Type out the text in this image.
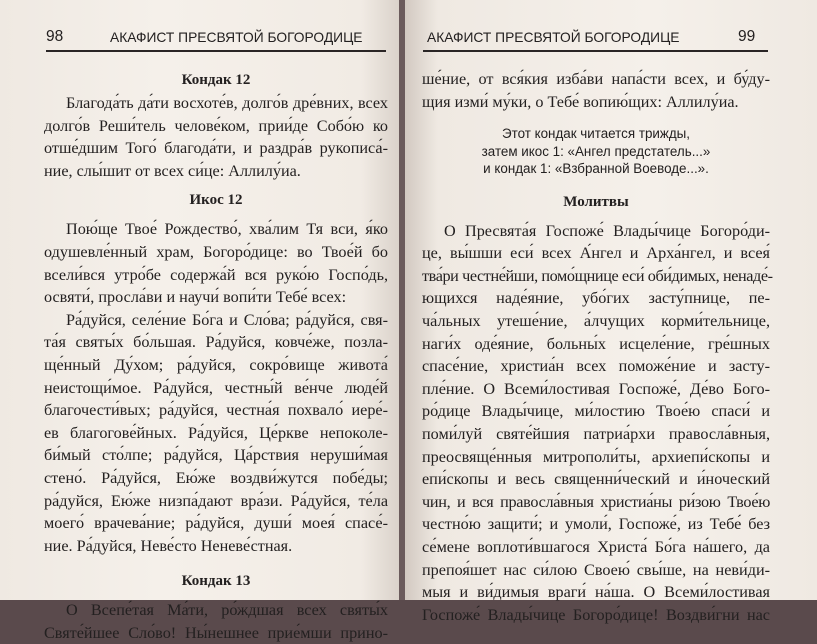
98	АКАФИСТ ПРЕСВЯТОЙ БОГОРОДИЦЕ

Кондак 12

Благода́ть да́ти восхоте́в, долго́в дре́вних, всех
долго́в Реши́тель челове́ком, прии́де Собо́ю ко
отше́дшим Того́ благода́ти, и раздра́в рукописа́-
ние, слы́шит от всех си́це: Аллилу́иа.

Икос 12

Пою́ще Твое́ Рождество́, хва́лим Тя вси, я́ко
одушевле́нный храм, Богоро́дице: во Твое́й бо
всели́вся утро́бе содержа́й вся руко́ю Госпо́дь,
освяти́, просла́ви и научи́ вопи́ти Тебе́ всех:
Ра́дуйся, селе́ние Бо́га и Сло́ва; ра́дуйся, свя-
та́я святы́х бо́льшая. Ра́дуйся, ковче́же, позла-
ще́нный Ду́хом; ра́дуйся, сокро́вище живота́
неистощи́мое. Ра́дуйся, честны́й ве́нче люде́й
благочести́вых; ра́дуйся, честна́я похвало́ иере́-
ев благогове́йных. Ра́дуйся, Це́ркве непоколе-
би́мый сто́лпе; ра́дуйся, Ца́рствия неруши́мая
стено́. Ра́дуйся, Ею́же воздви́жутся побе́ды;
ра́дуйся, Ею́же низпа́дают вра́зи. Ра́дуйся, те́ла
моего́ врачева́ние; ра́дуйся, души́ моея́ спасе́-
ние. Ра́дуйся, Неве́сто Неневе́стная.

Кондак 13

О Всепе́тая Ма́ти, ро́ждшая всех святы́х
Святе́йшее Сло́во! Ны́нешнее прие́мши прино-
АКАФИСТ ПРЕСВЯТОЙ БОГОРОДИЦЕ	99
ше́ние, от вся́кия изба́ви напа́сти всех, и бу́ду-
щия изми́ му́ки, о Тебе́ вопию́щих: Аллилу́иа.

Этот кондак читается трижды,

затем икос 1: «Ангел предстатель...»

и кондак 1: «Взбранной Воеводе...».

Молитвы

О Пресвята́я Госпоже́ Влады́чице Богоро́ди-
це, вы́шши еси́ всех А́нгел и Арха́нгел, и всея́
тва́ри честне́йши, помо́щнице еси́ оби́димых, ненаде́-
ющихся наде́яние, убо́гих засту́пнице, пе-
ча́льных утеше́ние, а́лчущих корми́тельнице,
наги́х оде́яние, больны́х исцеле́ние, гре́шных
спасе́ние, христиа́н всех поможе́ние и засту-
пле́ние. О Всеми́лостивая Госпоже́, Де́во Бого-
ро́дице Влады́чице, ми́лостию Твое́ю спаси́ и
поми́луй святе́йшия патриа́рхи правосла́вныя,
преосвяще́нныя митрополи́ты, архиепи́скопы и
епи́скопы и весь священни́ческий и и́ноческий
чин, и вся правосла́вныя христиа́ны ри́зою Твое́ю
честно́ю защити́; и умоли́, Госпоже́, из Тебе́ без
се́мене воплоти́вшагося Христа́ Бо́га на́шего, да
препоя́шет нас си́лою Своею́ свы́ше, на неви́ди-
мыя и ви́димыя враги́ на́ша. О Всеми́лостивая
Госпоже́ Влады́чице Богоро́дице! Воздви́гни нас
